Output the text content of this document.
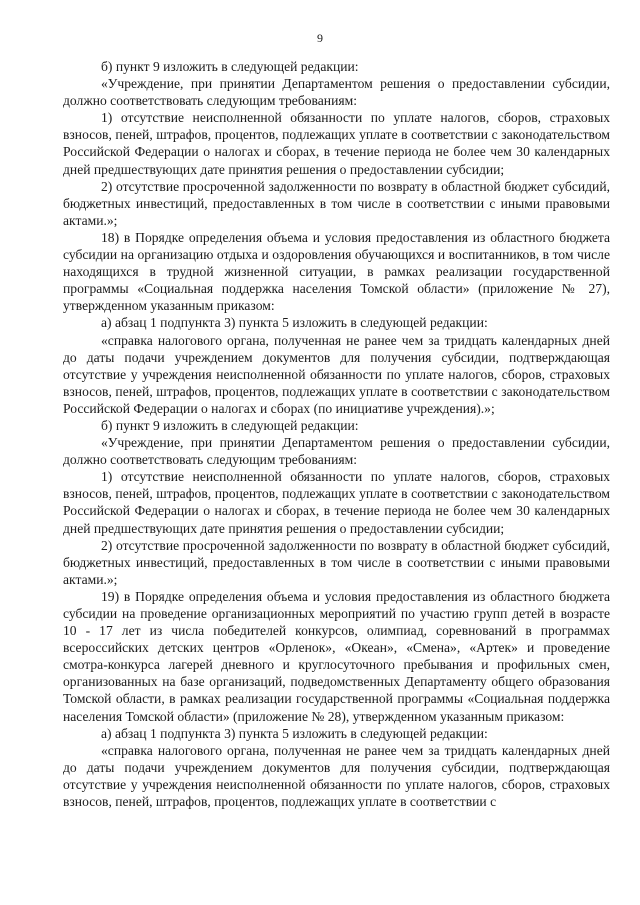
9

б) пункт 9 изложить в следующей редакции:

«Учреждение, при принятии Департаментом решения о предоставлении субсидии, должно соответствовать следующим требованиям:

1) отсутствие неисполненной обязанности по уплате налогов, сборов, страховых взносов, пеней, штрафов, процентов, подлежащих уплате в соответствии с законодательством Российской Федерации о налогах и сборах, в течение периода не более чем 30 календарных дней предшествующих дате принятия решения о предоставлении субсидии;

2) отсутствие просроченной задолженности по возврату в областной бюджет субсидий, бюджетных инвестиций, предоставленных в том числе в соответствии с иными правовыми актами.»;

18) в Порядке определения объема и условия предоставления из областного бюджета субсидии на организацию отдыха и оздоровления обучающихся и воспитанников, в том числе находящихся в трудной жизненной ситуации, в рамках реализации государственной программы «Социальная поддержка населения Томской области» (приложение № 27), утвержденном указанным приказом:

а) абзац 1 подпункта 3) пункта 5 изложить в следующей редакции:

«справка налогового органа, полученная не ранее чем за тридцать календарных дней до даты подачи учреждением документов для получения субсидии, подтверждающая отсутствие у учреждения неисполненной обязанности по уплате налогов, сборов, страховых взносов, пеней, штрафов, процентов, подлежащих уплате в соответствии с законодательством Российской Федерации о налогах и сборах (по инициативе учреждения).»;

б) пункт 9 изложить в следующей редакции:

«Учреждение, при принятии Департаментом решения о предоставлении субсидии, должно соответствовать следующим требованиям:

1) отсутствие неисполненной обязанности по уплате налогов, сборов, страховых взносов, пеней, штрафов, процентов, подлежащих уплате в соответствии с законодательством Российской Федерации о налогах и сборах, в течение периода не более чем 30 календарных дней предшествующих дате принятия решения о предоставлении субсидии;

2) отсутствие просроченной задолженности по возврату в областной бюджет субсидий, бюджетных инвестиций, предоставленных в том числе в соответствии с иными правовыми актами.»;

19) в Порядке определения объема и условия предоставления из областного бюджета субсидии на проведение организационных мероприятий по участию групп детей в возрасте 10 - 17 лет из числа победителей конкурсов, олимпиад, соревнований в программах всероссийских детских центров «Орленок», «Океан», «Смена», «Артек» и проведение смотра-конкурса лагерей дневного и круглосуточного пребывания и профильных смен, организованных на базе организаций, подведомственных Департаменту общего образования Томской области, в рамках реализации государственной программы «Социальная поддержка населения Томской области» (приложение № 28), утвержденном указанным приказом:

а) абзац 1 подпункта 3) пункта 5 изложить в следующей редакции:

«справка налогового органа, полученная не ранее чем за тридцать календарных дней до даты подачи учреждением документов для получения субсидии, подтверждающая отсутствие у учреждения неисполненной обязанности по уплате налогов, сборов, страховых взносов, пеней, штрафов, процентов, подлежащих уплате в соответствии с
